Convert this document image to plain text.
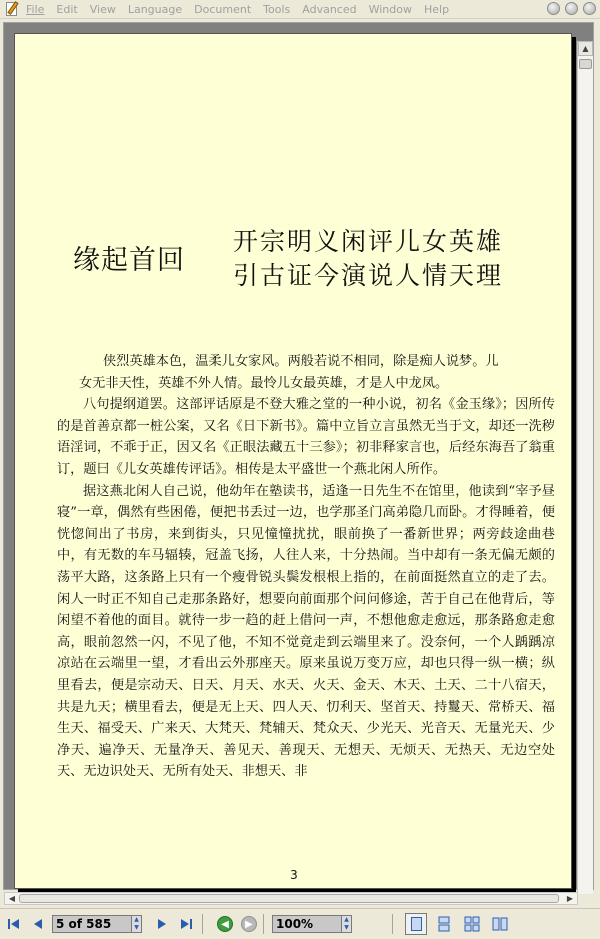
File Edit View Language Document Tools Advanced Window Help
缘起首回
开宗明义闲评儿女英雄
引古证今演说人情天理

侠烈英雄本色，温柔儿女家风。两般若说不相同，除是痴人说梦。儿

女无非天性，英雄不外人情。最怜儿女最英雄，才是人中龙凤。

八句提纲道罢。这部评话原是不登大雅之堂的一种小说，初名《金玉缘》；因所传的是首善京都一桩公案，又名《日下新书》。篇中立旨立言虽然无当于文，却还一洗秽语淫词，不乖于正，因又名《正眼法藏五十三参》；初非释家言也，后经东海吾了翁重订，题曰《儿女英雄传评话》。相传是太平盛世一个燕北闲人所作。

据这燕北闲人自己说，他幼年在塾读书，适逢一日先生不在馆里，他读到“宰予昼寝”一章，偶然有些困倦，便把书丢过一边，也学那圣门高弟隐几而卧。才得睡着，便恍惚间出了书房，来到街头，只见憧憧扰扰，眼前换了一番新世界；两旁歧途曲巷中，有无数的车马辐辏，冠盖飞扬，人往人来，十分热闹。当中却有一条无偏无颇的荡平大路，这条路上只有一个瘦骨锐头鬓发根根上指的，在前面挺然直立的走了去。闲人一时正不知自己走那条路好，想要向前面那个问问修途，苦于自己在他背后，等闲望不着他的面目。就待一步一趋的赶上借问一声，不想他愈走愈远，那条路愈走愈高，眼前忽然一闪，不见了他，不知不觉竟走到云端里来了。没奈何，一个人踽踽凉凉站在云端里一望，才看出云外那座天。原来虽说万变万应，却也只得一纵一横；纵里看去，便是宗动天、日天、月天、水天、火天、金天、木天、土天、二十八宿天，共是九天；横里看去，便是无上天、四人天、忉利天、坚首天、持鬘天、常桥天、福生天、福受天、广来天、大梵天、梵辅天、梵众天、少光天、光音天、无量光天、少净天、遍净天、无量净天、善见天、善现天、无想天、无烦天、无热天、无边空处天、无边识处天、无所有处天、非想天、非

3
▲
◀	▶
5 of 585	▲
▼	◀ ▶	100%	▲
▼
